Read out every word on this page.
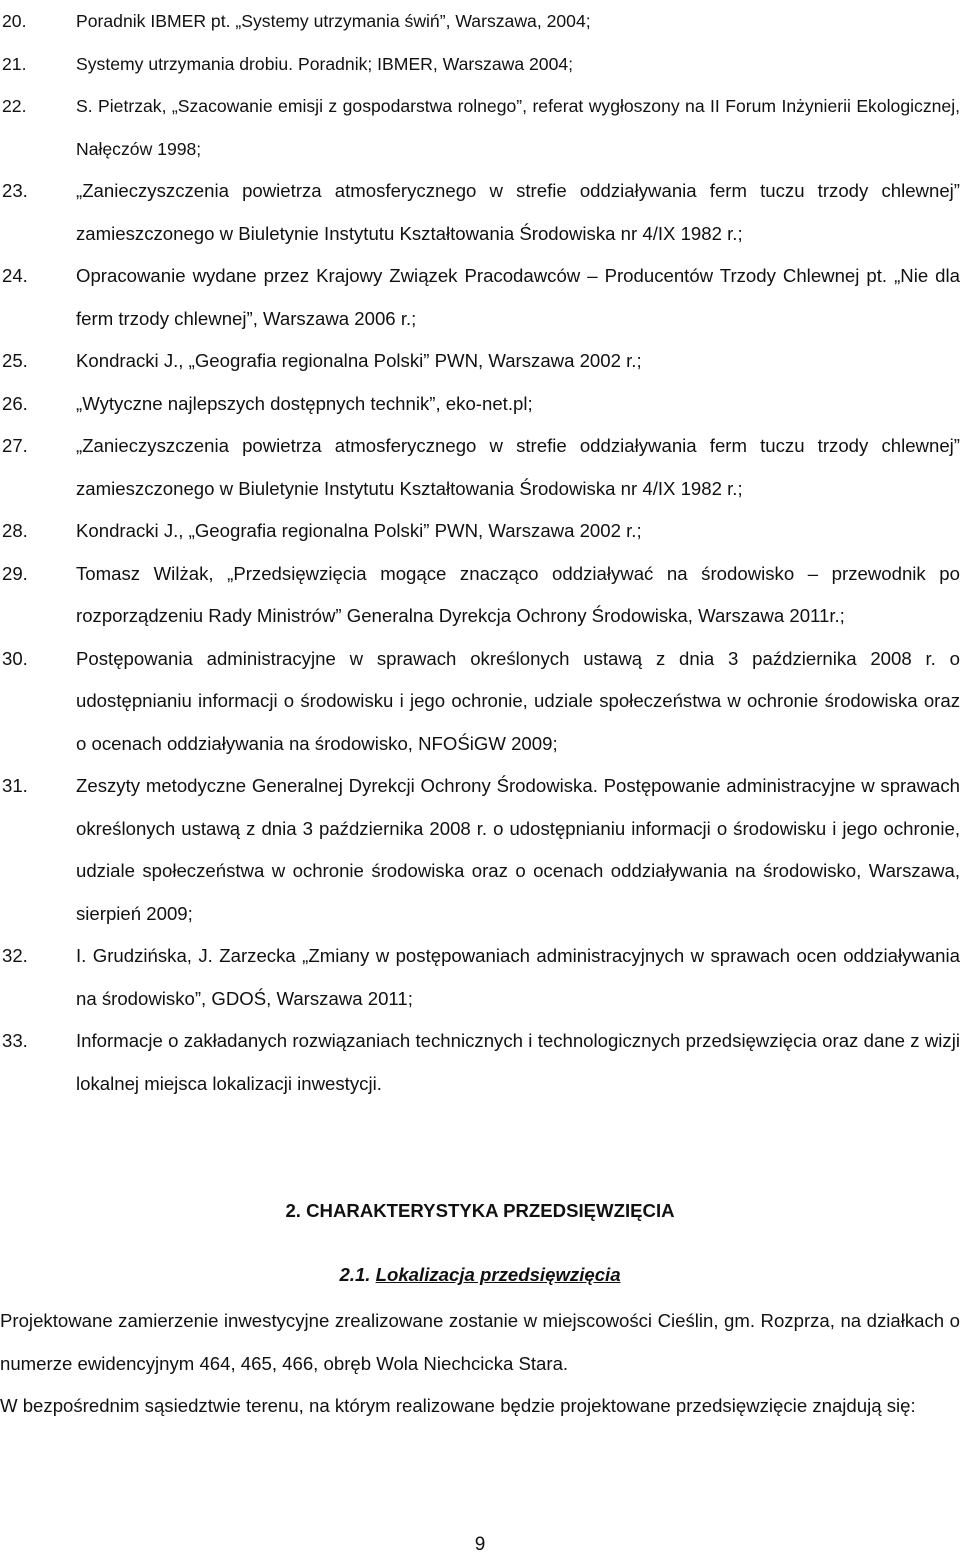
20.	Poradnik IBMER pt. „Systemy utrzymania świń”, Warszawa, 2004;
21.	Systemy utrzymania drobiu. Poradnik; IBMER, Warszawa 2004;
22.	S. Pietrzak, „Szacowanie emisji z gospodarstwa rolnego”, referat wygłoszony na II Forum Inżynierii Ekologicznej, Nałęczów 1998;
23.	„Zanieczyszczenia powietrza atmosferycznego w strefie oddziaływania ferm tuczu trzody chlewnej” zamieszczonego w Biuletynie Instytutu Kształtowania Środowiska nr 4/IX 1982 r.;
24.	Opracowanie wydane przez Krajowy Związek Pracodawców – Producentów Trzody Chlewnej pt. „Nie dla ferm trzody chlewnej”, Warszawa 2006 r.;
25.	Kondracki J., „Geografia regionalna Polski” PWN, Warszawa 2002 r.;
26.	„Wytyczne najlepszych dostępnych technik”, eko-net.pl;
27.	„Zanieczyszczenia powietrza atmosferycznego w strefie oddziaływania ferm tuczu trzody chlewnej” zamieszczonego w Biuletynie Instytutu Kształtowania Środowiska nr 4/IX 1982 r.;
28.	Kondracki J., „Geografia regionalna Polski” PWN, Warszawa 2002 r.;
29.	Tomasz Wilżak, „Przedsięwzięcia mogące znacząco oddziaływać na środowisko – przewodnik po rozporządzeniu Rady Ministrów” Generalna Dyrekcja Ochrony Środowiska, Warszawa 2011r.;
30.	Postępowania administracyjne w sprawach określonych ustawą z dnia 3 października 2008 r. o udostępnianiu informacji o środowisku i jego ochronie, udziale społeczeństwa w ochronie środowiska oraz o ocenach oddziaływania na środowisko, NFOŚiGW 2009;
31.	Zeszyty metodyczne Generalnej Dyrekcji Ochrony Środowiska. Postępowanie administracyjne w sprawach określonych ustawą z dnia 3 października 2008 r. o udostępnianiu informacji o środowisku i jego ochronie, udziale społeczeństwa w ochronie środowiska oraz o ocenach oddziaływania na środowisko, Warszawa, sierpień 2009;
32.	I. Grudzińska, J. Zarzecka „Zmiany w postępowaniach administracyjnych w sprawach ocen oddziaływania na środowisko”, GDOŚ, Warszawa 2011;
33.	Informacje o zakładanych rozwiązaniach technicznych i technologicznych przedsięwzięcia oraz dane z wizji lokalnej miejsca lokalizacji inwestycji.
2. CHARAKTERYSTYKA PRZEDSIĘWZIĘCIA
2.1. Lokalizacja przedsięwzięcia
Projektowane zamierzenie inwestycyjne zrealizowane zostanie w miejscowości Cieślin, gm. Rozprza, na działkach o numerze ewidencyjnym 464, 465, 466, obręb Wola Niechcicka Stara.
W bezpośrednim sąsiedztwie terenu, na którym realizowane będzie projektowane przedsięwzięcie znajdują się:
9
